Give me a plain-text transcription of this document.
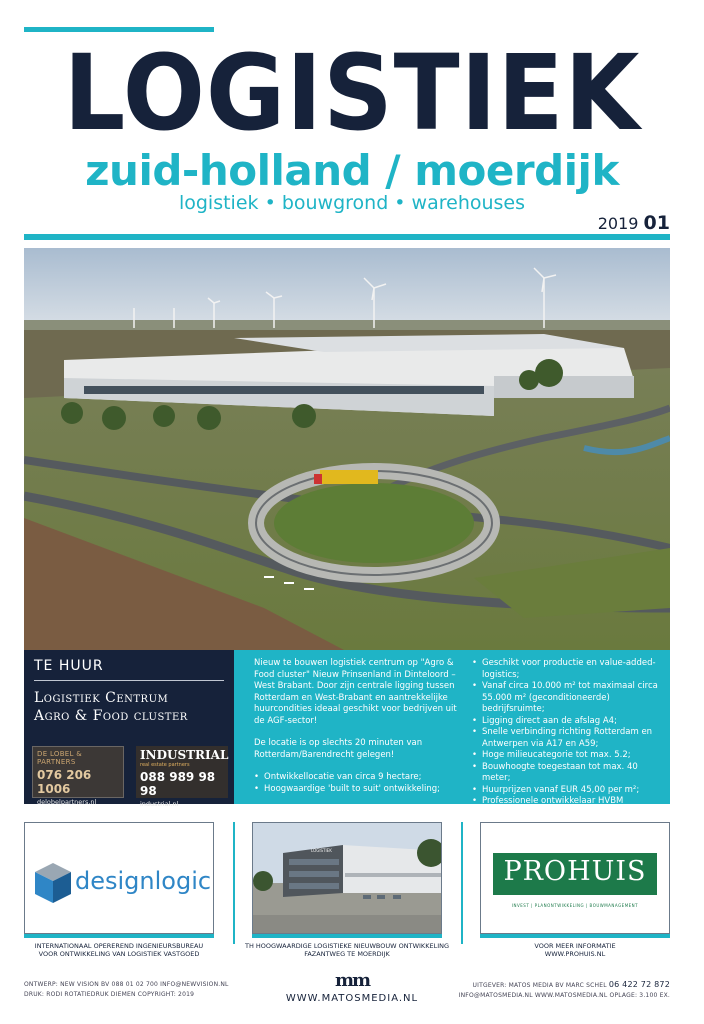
LOGISTIEK
zuid-holland / moerdijk
logistiek • bouwgrond • warehouses
2019 01
TE HUUR
Logistiek Centrum
Agro & Food cluster
DE LOBEL & PARTNERS
076 206 1006
delobelpartners.nl
INDUSTRIAL
real estate partners
088 989 98 98
industrial.nl

Nieuw te bouwen logistiek centrum op "Agro & Food cluster" Nieuw Prinsenland in Dinteloord – West Brabant. Door zijn centrale ligging tussen Rotterdam en West-Brabant en aantrekkelijke huurcondities ideaal geschikt voor bedrijven uit de AGF-sector!

De locatie is op slechts 20 minuten van Rotterdam/Barendrecht gelegen!

• Ontwikkellocatie van circa 9 hectare;
• Hoogwaardige 'built to suit' ontwikkeling;
• Geschikt voor productie en value-added-logistics;
• Vanaf circa 10.000 m² tot maximaal circa 55.000 m² (geconditioneerde) bedrijfsruimte;
• Ligging direct aan de afslag A4;
• Snelle verbinding richting Rotterdam en Antwerpen via A17 en A59;
• Hoge milieucategorie tot max. 5.2;
• Bouwhoogte toegestaan tot max. 40 meter;
• Huurprijzen vanaf EUR 45,00 per m²;
• Professionele ontwikkelaar HVBM Vastgoed.
designlogic
LOGISTIEK
PROHUIS
INVEST | PLANONTWIKKELING | BOUWMANAGEMENT
INTERNATIONAAL OPEREREND INGENIEURSBUREAU
VOOR ONTWIKKELING VAN LOGISTIEK VASTGOED
TH HOOGWAARDIGE LOGISTIEKE NIEUWBOUW ONTWIKKELING
FAZANTWEG TE MOERDIJK
VOOR MEER INFORMATIE
WWW.PROHUIS.NL
ONTWERP: NEW VISION BV 088 01 02 700 INFO@NEWVISION.NL
DRUK: RODI ROTATIEDRUK DIEMEN COPYRIGHT: 2019
mm
WWW.MATOSMEDIA.NL
UITGEVER: MATOS MEDIA BV MARC SCHEL 06 422 72 872
INFO@MATOSMEDIA.NL WWW.MATOSMEDIA.NL OPLAGE: 3.100 EX.
